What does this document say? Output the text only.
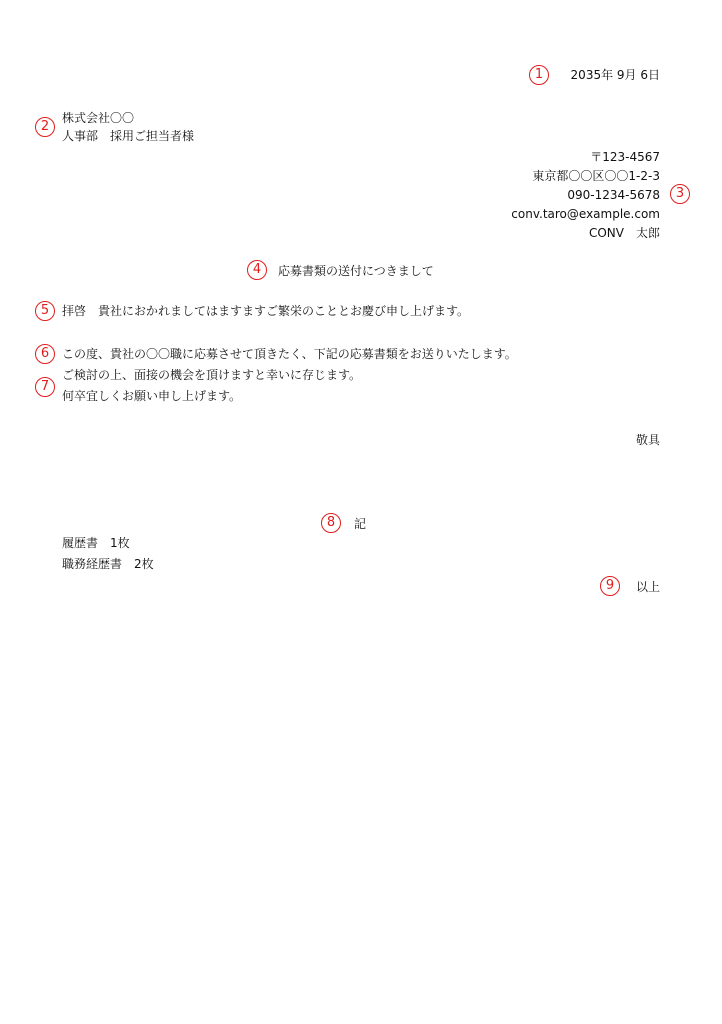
1	2035年 9月 6日
2
株式会社〇〇
人事部　採用ご担当者様
〒123-4567
東京都〇〇区〇〇1-2-3
090-1234-5678
conv.taro@example.com
CONV　太郎
3
4	応募書類の送付につきまして
5	拝啓　貴社におかれましてはますますご繁栄のこととお慶び申し上げます。
6	この度、貴社の〇〇職に応募させて頂きたく、下記の応募書類をお送りいたします。
7
ご検討の上、面接の機会を頂けますと幸いに存じます。
何卒宜しくお願い申し上げます。
敬具
8	記
履歴書　1枚
職務経歴書　2枚
9	以上
